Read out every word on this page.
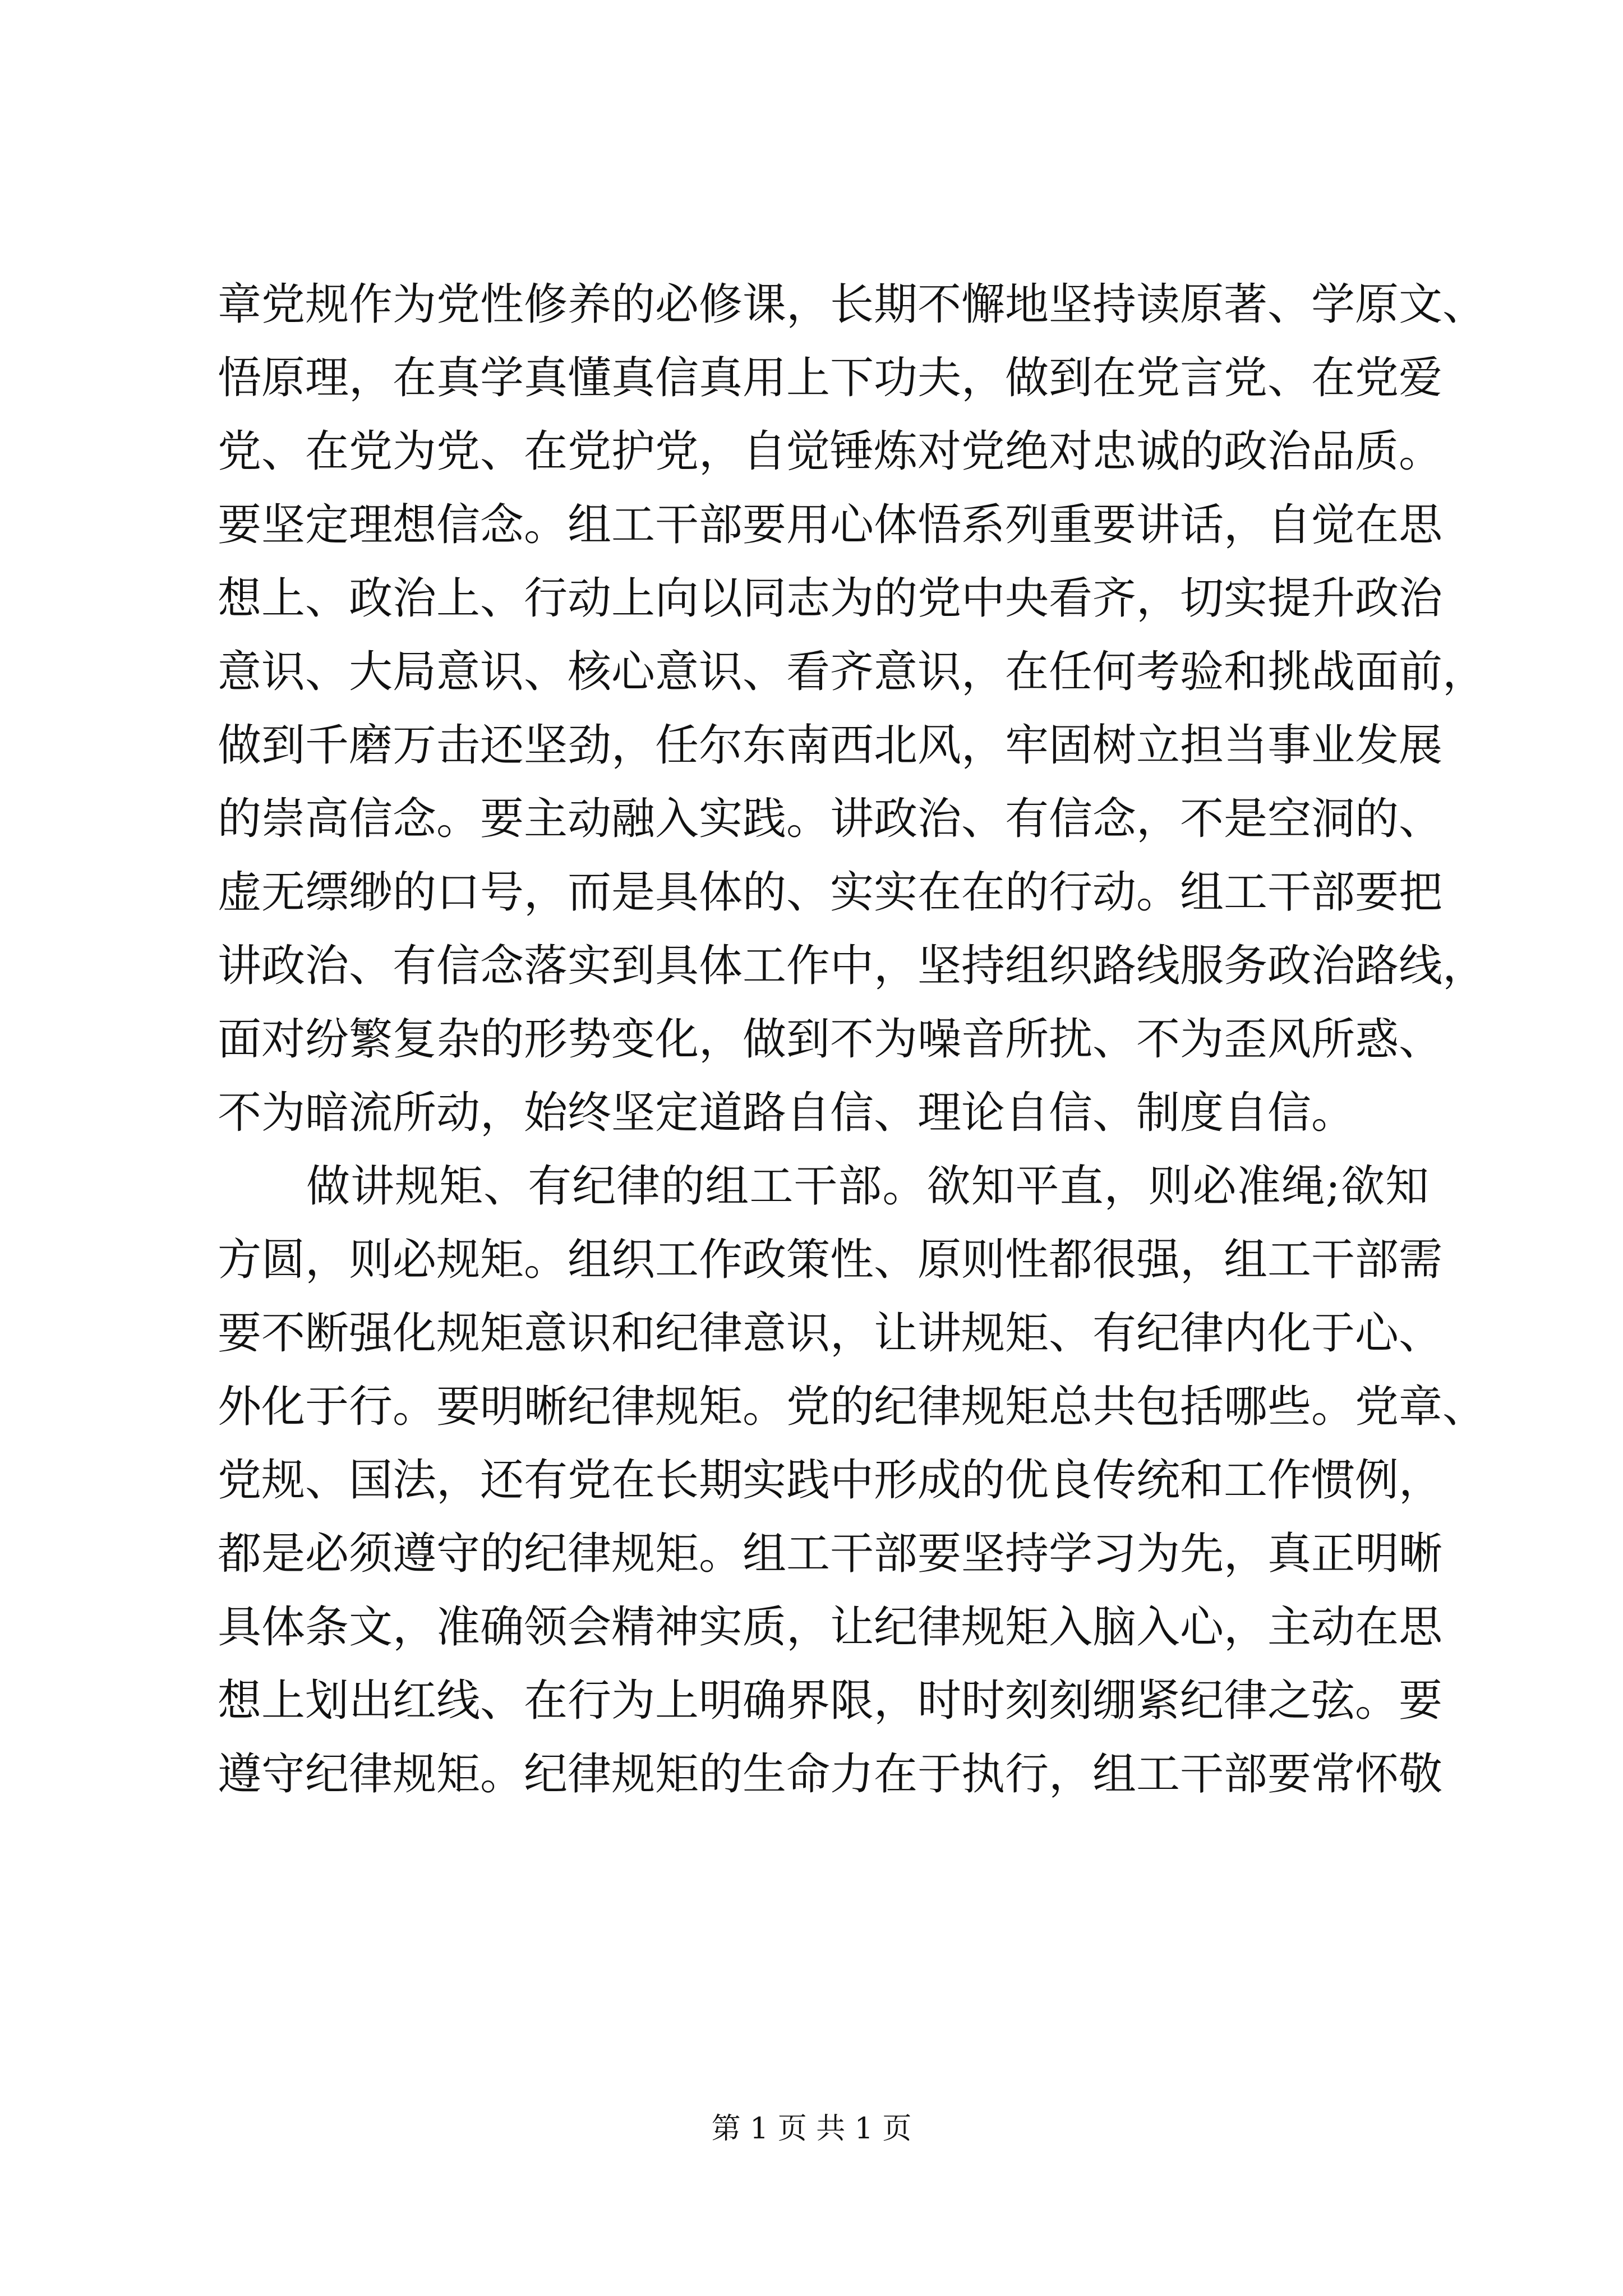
章党规作为党性修养的必修课，长期不懈地坚持读原著、学原文、
悟原理，在真学真懂真信真用上下功夫，做到在党言党、在党爱
党、在党为党、在党护党，自觉锤炼对党绝对忠诚的政治品质。
要坚定理想信念。组工干部要用心体悟系列重要讲话，自觉在思
想上、政治上、行动上向以同志为的党中央看齐，切实提升政治
意识、大局意识、核心意识、看齐意识，在任何考验和挑战面前，
做到千磨万击还坚劲，任尔东南西北风，牢固树立担当事业发展
的崇高信念。要主动融入实践。讲政治、有信念，不是空洞的、
虚无缥缈的口号，而是具体的、实实在在的行动。组工干部要把
讲政治、有信念落实到具体工作中，坚持组织路线服务政治路线，
面对纷繁复杂的形势变化，做到不为噪音所扰、不为歪风所惑、
不为暗流所动，始终坚定道路自信、理论自信、制度自信。
　　做讲规矩、有纪律的组工干部。欲知平直，则必准绳;欲知
方圆，则必规矩。组织工作政策性、原则性都很强，组工干部需
要不断强化规矩意识和纪律意识，让讲规矩、有纪律内化于心、
外化于行。要明晰纪律规矩。党的纪律规矩总共包括哪些。党章、
党规、国法，还有党在长期实践中形成的优良传统和工作惯例，
都是必须遵守的纪律规矩。组工干部要坚持学习为先，真正明晰
具体条文，准确领会精神实质，让纪律规矩入脑入心，主动在思
想上划出红线、在行为上明确界限，时时刻刻绷紧纪律之弦。要
遵守纪律规矩。纪律规矩的生命力在于执行，组工干部要常怀敬
第 1 页 共 1 页
